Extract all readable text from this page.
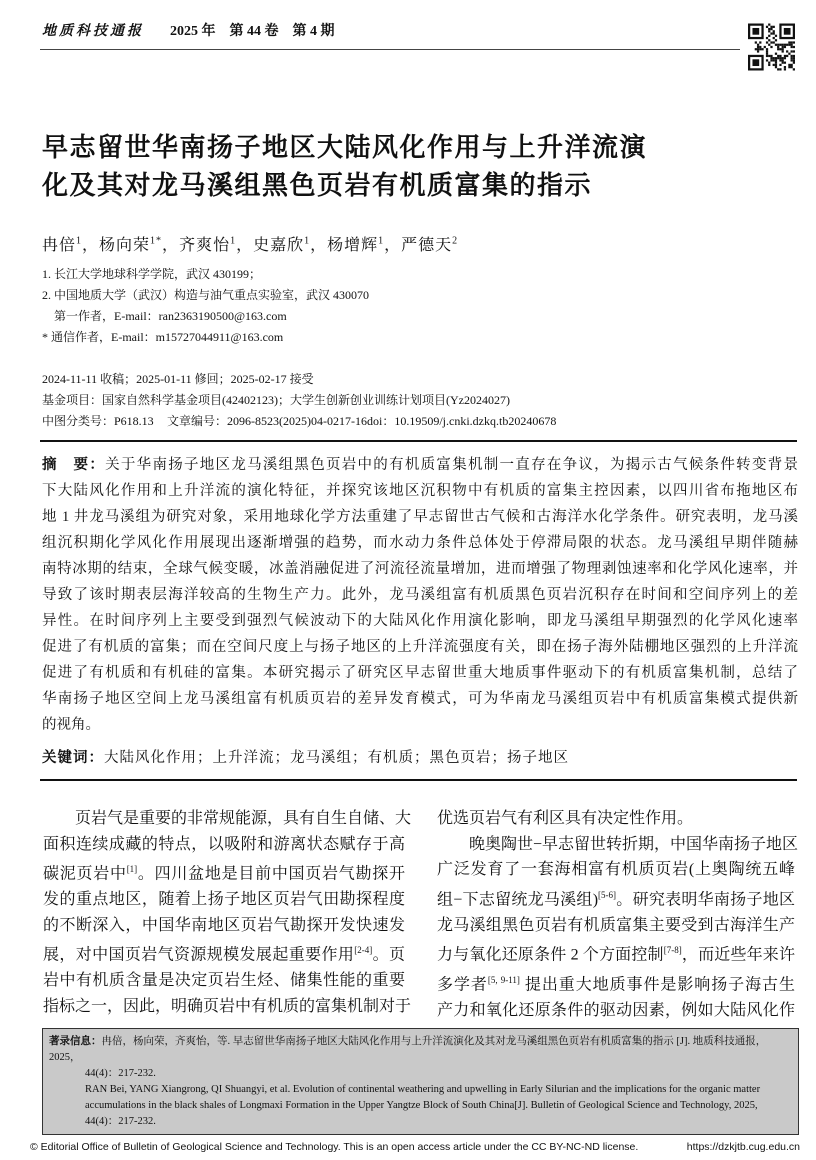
地质科技通报 2025 年　第 44 卷　第 4 期
早志留世华南扬子地区大陆风化作用与上升洋流演
化及其对龙马溪组黑色页岩有机质富集的指示
冉倍$^1$，杨向荣$^{1*}$，齐爽怡$^1$，史嘉欣$^1$，杨增辉$^1$，严德天$^2$
1. 长江大学地球科学学院，武汉 430199；
2. 中国地质大学（武汉）构造与油气重点实验室，武汉 430070
　第一作者，E-mail：ran2363190500@163.com
* 通信作者，E-mail：m15727044911@163.com
2024-11-11 收稿；2025-01-11 修回；2025-02-17 接受
基金项目：国家自然科学基金项目(42402123)；大学生创新创业训练计划项目(Yz2024027)
中图分类号：P618.13	文章编号：2096-8523(2025)04-0217-16 doi：10.19509/j.cnki.dzkq.tb20240678
摘　要：关于华南扬子地区龙马溪组黑色页岩中的有机质富集机制一直存在争议，为揭示古气候条件转变背景
下大陆风化作用和上升洋流的演化特征，并探究该地区沉积物中有机质的富集主控因素，以四川省布拖地区布
地 1 井龙马溪组为研究对象，采用地球化学方法重建了早志留世古气候和古海洋水化学条件。研究表明，龙马溪
组沉积期化学风化作用展现出逐渐增强的趋势，而水动力条件总体处于停滞局限的状态。龙马溪组早期伴随赫
南特冰期的结束，全球气候变暖，冰盖消融促进了河流径流量增加，进而增强了物理剥蚀速率和化学风化速率，并
导致了该时期表层海洋较高的生物生产力。此外，龙马溪组富有机质黑色页岩沉积存在时间和空间序列上的差
异性。在时间序列上主要受到强烈气候波动下的大陆风化作用演化影响，即龙马溪组早期强烈的化学风化速率
促进了有机质的富集；而在空间尺度上与扬子地区的上升洋流强度有关，即在扬子海外陆棚地区强烈的上升洋流
促进了有机质和有机硅的富集。本研究揭示了研究区早志留世重大地质事件驱动下的有机质富集机制，总结了
华南扬子地区空间上龙马溪组富有机质页岩的差异发育模式，可为华南龙马溪组页岩中有机质富集模式提供新
的视角。
关键词：大陆风化作用；上升洋流；龙马溪组；有机质；黑色页岩；扬子地区
　　页岩气是重要的非常规能源，具有自生自储、大
面积连续成藏的特点，以吸附和游离状态赋存于高
碳泥页岩中[1]。四川盆地是目前中国页岩气勘探开
发的重点地区，随着上扬子地区页岩气田勘探程度
的不断深入，中国华南地区页岩气勘探开发快速发
展，对中国页岩气资源规模发展起重要作用[2-4]。页
岩中有机质含量是决定页岩生烃、储集性能的重要
指标之一，因此，明确页岩中有机质的富集机制对于
优选页岩气有利区具有决定性作用。
　　晚奥陶世−早志留世转折期，中国华南扬子地区
广泛发育了一套海相富有机质页岩(上奥陶统五峰
组−下志留统龙马溪组)[5-6]。研究表明华南扬子地区
龙马溪组黑色页岩有机质富集主要受到古海洋生产
力与氧化还原条件 2 个方面控制[7-8]，而近些年来许
多学者[5, 9-11] 提出重大地质事件是影响扬子海古生
产力和氧化还原条件的驱动因素，例如大陆风化作
著录信息：冉倍，杨向荣，齐爽怡，等. 早志留世华南扬子地区大陆风化作用与上升洋流演化及其对龙马溪组黑色页岩有机质富集的指示 [J]. 地质科技通报，2025，
44(4)：217-232.
RAN Bei, YANG Xiangrong, QI Shuangyi, et al. Evolution of continental weathering and upwelling in Early Silurian and the implications for the organic matter
accumulations in the black shales of Longmaxi Formation in the Upper Yangtze Block of South China[J]. Bulletin of Geological Science and Technology, 2025,
44(4)：217-232.
© Editorial Office of Bulletin of Geological Science and Technology. This is an open access article under the CC BY-NC-ND license.	https://dzkjtb.cug.edu.cn
